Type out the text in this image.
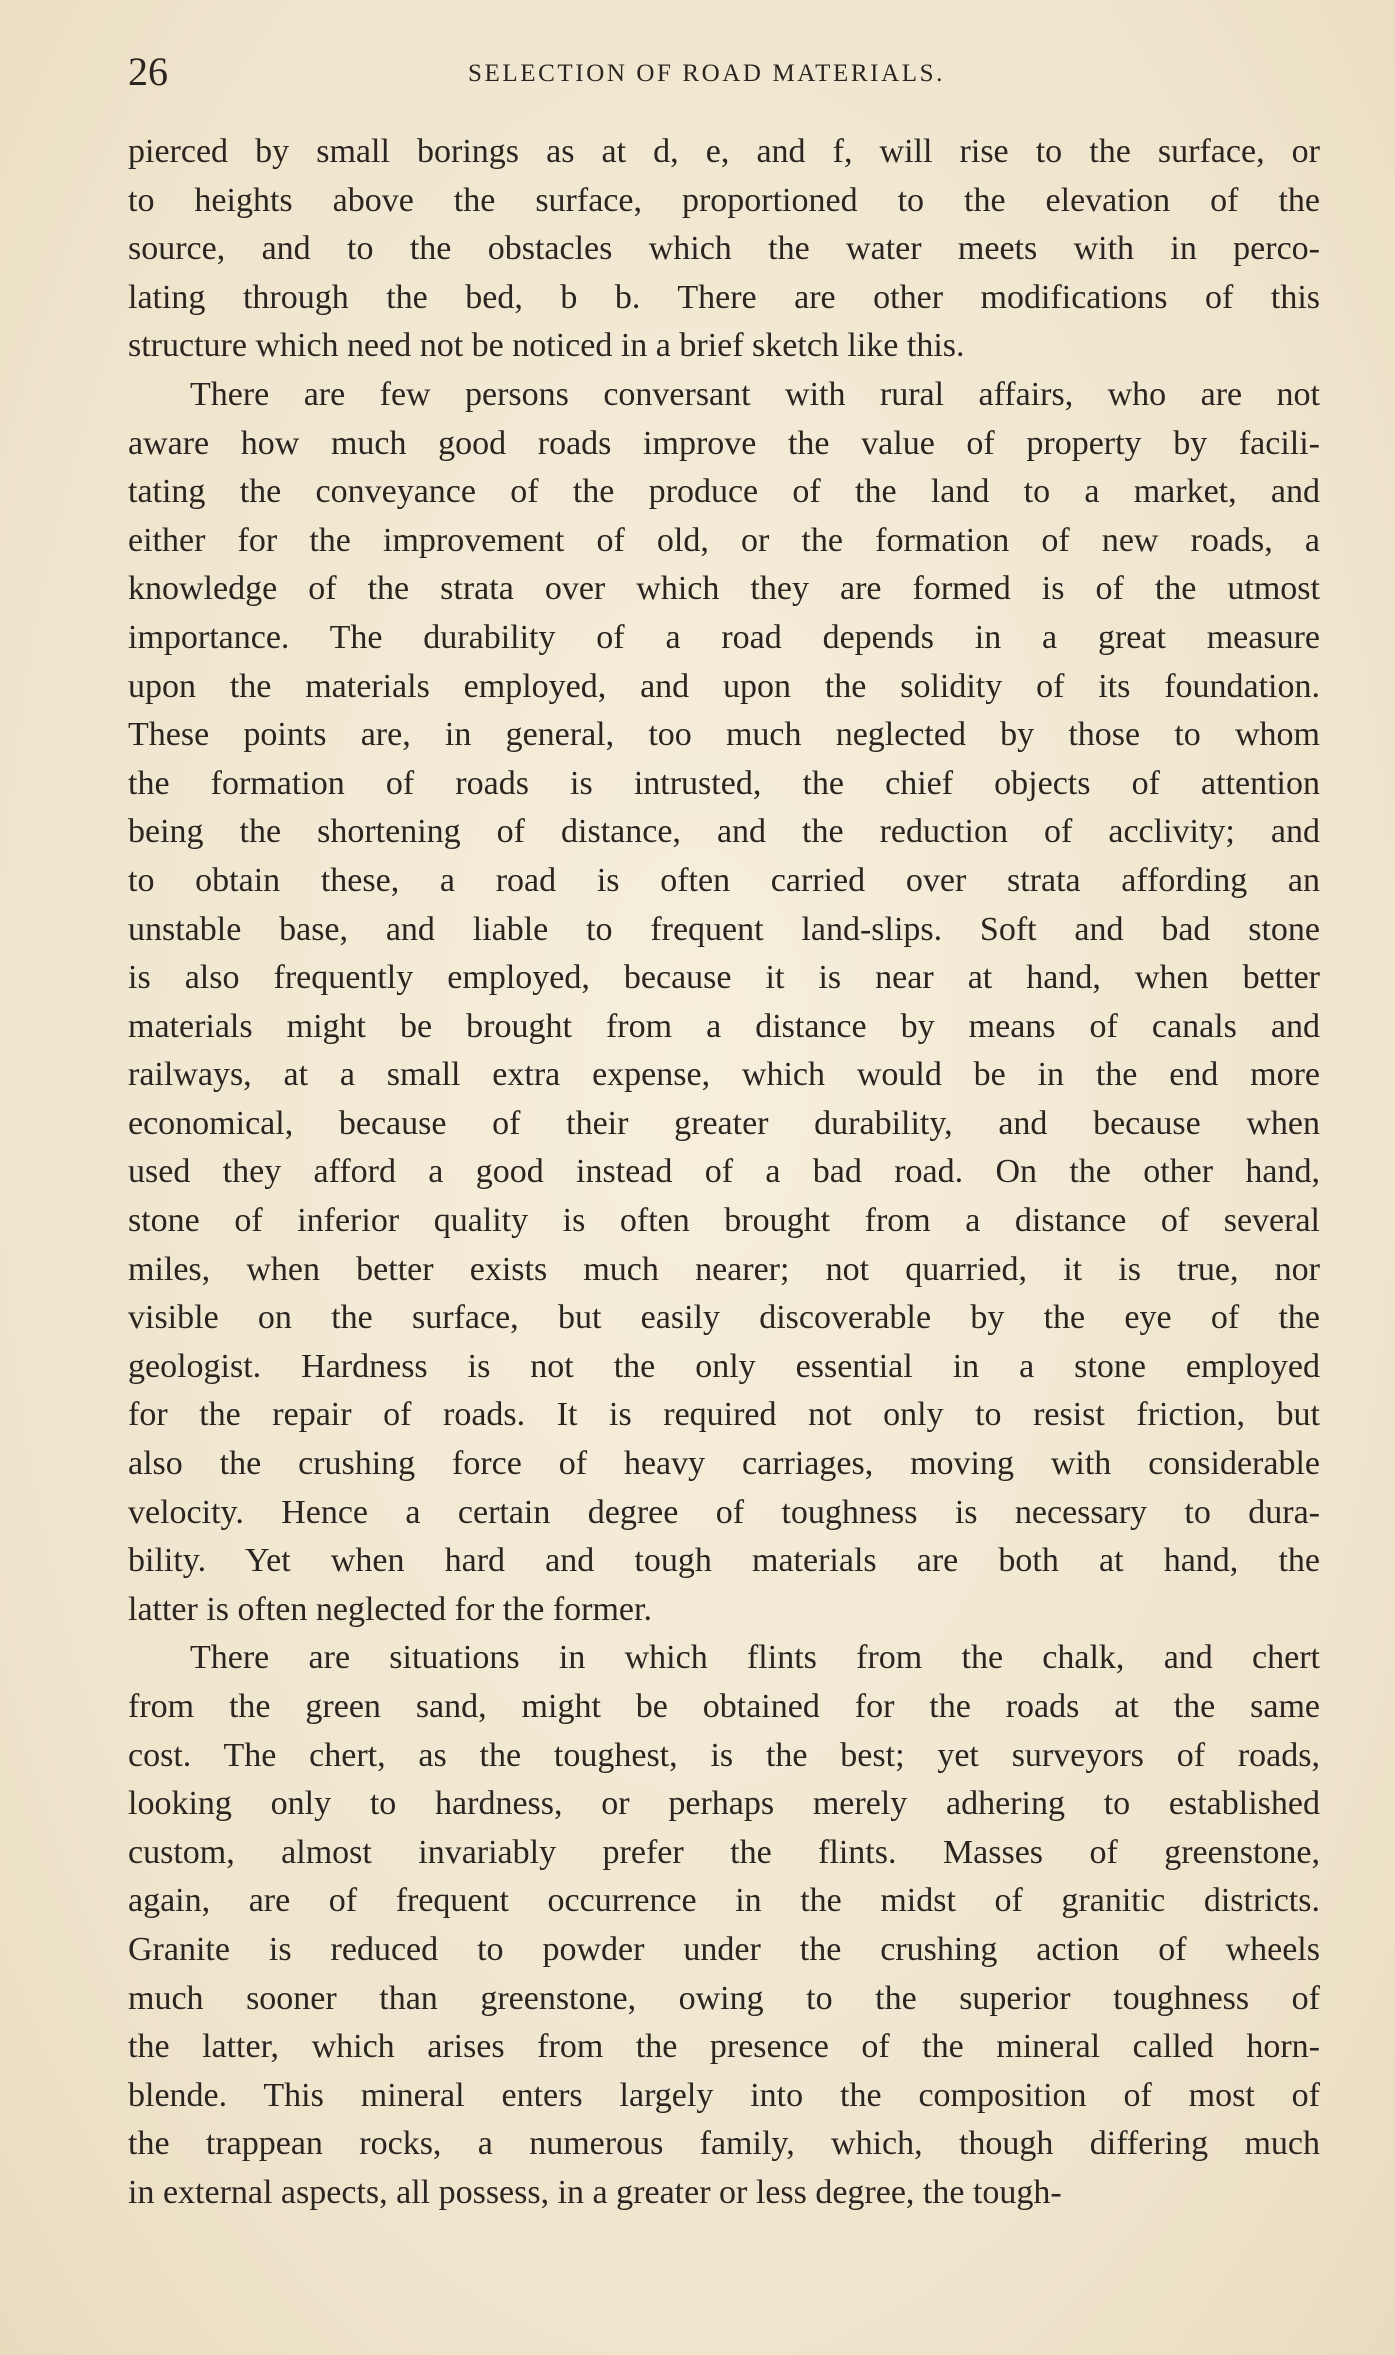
26	SELECTION OF ROAD MATERIALS.
pierced by small borings as at d, e, and f, will rise to the surface, or
to heights above the surface, proportioned to the elevation of the
source, and to the obstacles which the water meets with in perco-
lating through the bed, b b. There are other modifications of this
structure which need not be noticed in a brief sketch like this.
There are few persons conversant with rural affairs, who are not
aware how much good roads improve the value of property by facili-
tating the conveyance of the produce of the land to a market, and
either for the improvement of old, or the formation of new roads, a
knowledge of the strata over which they are formed is of the utmost
importance. The durability of a road depends in a great measure
upon the materials employed, and upon the solidity of its foundation.
These points are, in general, too much neglected by those to whom
the formation of roads is intrusted, the chief objects of attention
being the shortening of distance, and the reduction of acclivity; and
to obtain these, a road is often carried over strata affording an
unstable base, and liable to frequent land-slips. Soft and bad stone
is also frequently employed, because it is near at hand, when better
materials might be brought from a distance by means of canals and
railways, at a small extra expense, which would be in the end more
economical, because of their greater durability, and because when
used they afford a good instead of a bad road. On the other hand,
stone of inferior quality is often brought from a distance of several
miles, when better exists much nearer; not quarried, it is true, nor
visible on the surface, but easily discoverable by the eye of the
geologist. Hardness is not the only essential in a stone employed
for the repair of roads. It is required not only to resist friction, but
also the crushing force of heavy carriages, moving with considerable
velocity. Hence a certain degree of toughness is necessary to dura-
bility. Yet when hard and tough materials are both at hand, the
latter is often neglected for the former.
There are situations in which flints from the chalk, and chert
from the green sand, might be obtained for the roads at the same
cost. The chert, as the toughest, is the best; yet surveyors of roads,
looking only to hardness, or perhaps merely adhering to established
custom, almost invariably prefer the flints. Masses of greenstone,
again, are of frequent occurrence in the midst of granitic districts.
Granite is reduced to powder under the crushing action of wheels
much sooner than greenstone, owing to the superior toughness of
the latter, which arises from the presence of the mineral called horn-
blende. This mineral enters largely into the composition of most of
the trappean rocks, a numerous family, which, though differing much
in external aspects, all possess, in a greater or less degree, the tough-
